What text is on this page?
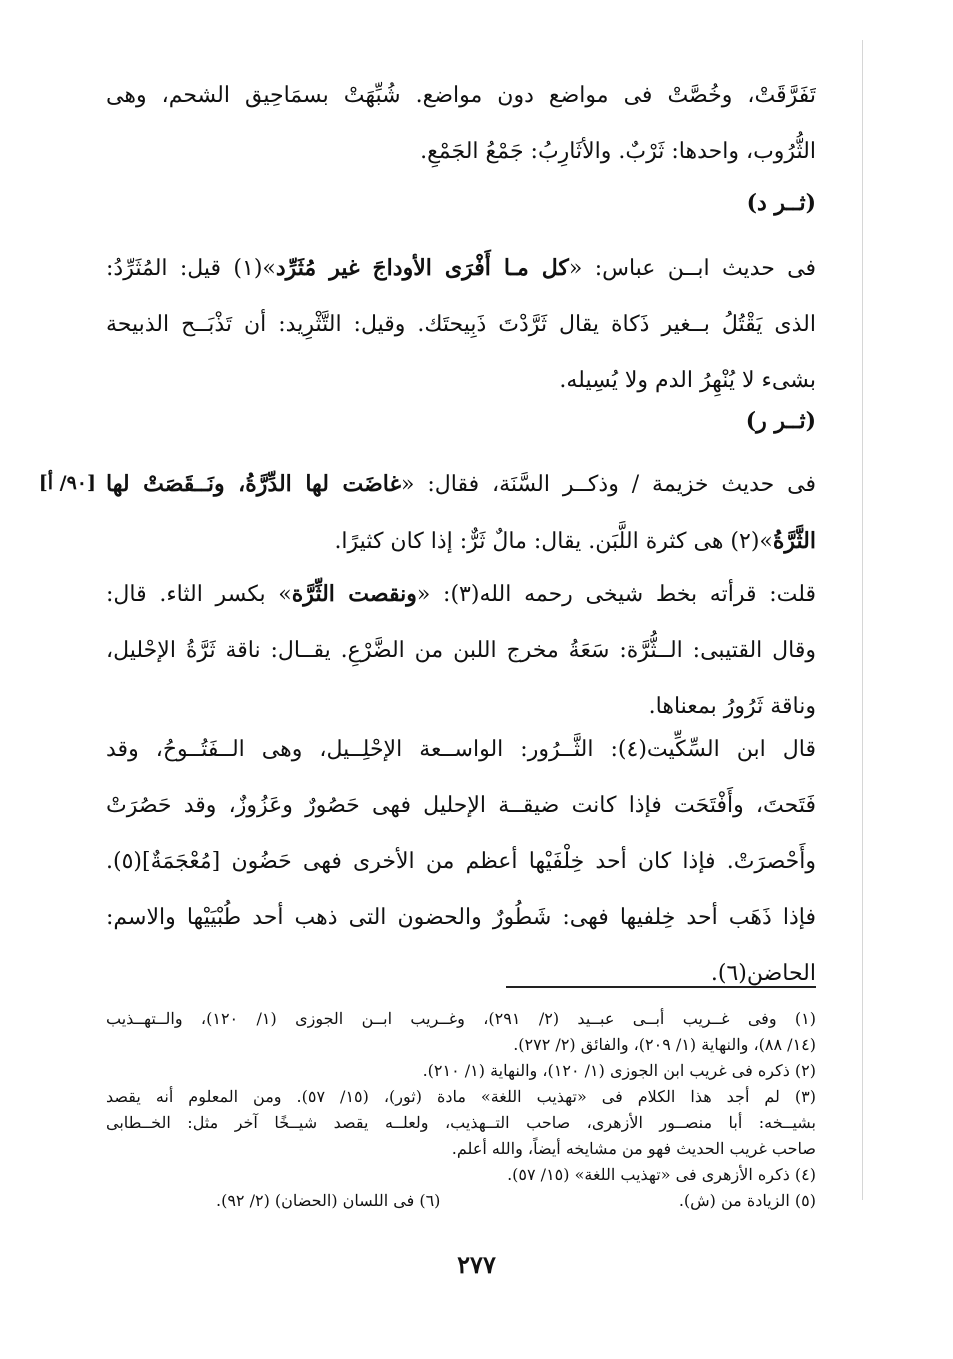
تَفَرَّقَتْ، وخُصَّتْ فى مواضع دون مواضع. شُبِّهَتْ بسمَاحِيق الشحم، وهى
الثُّرُوب، واحدها: ثَرْبٌ. والأثَارِبُ: جَمْعُ الجَمْعِ.
(ثــر د)
فى حديث ابــن عباس: «كل مـا أَفْرَى الأوداجَ غير مُثَرِّد»(١) قيل: المُثَرِّدُ:
الذى يَقْتُلُ بــغير ذَكاة يقال ثَرَّدْتَ ذَبِيحتَك. وقيل: التَّثْرِيد: أن تَذْبَــح الذبيحة
بشىء لا يُنْهِرُ الدم ولا يُسِيله.
(ثــر ر)
[٩٠/ أ]	فى حديث خزيمة / وذكــر السَّنَة، فقال: «غاضَت لها الدِّرَّةُ، ونَــقَصَتْ لها
الثَّرَّةُ»(٢) هى كثرة اللَّبَن. يقال: مالٌ ثَرٌّ: إذا كان كثيرًا.
قلت: قرأته بخط شيخى رحمه الله(٣): «ونقصت الثِّرَّة» بكسر الثاء. قال:
وقال القتيبى: الــثُّرَّة: سَعَةُ مخرج اللبن من الضَّرْعِ. يقــال: ناقة ثَرَّةُ الإحْليل،
وناقة ثَرُورُ بمعناها.
قال ابن السِّكِّيت(٤): الثَّــرُور: الواســعة الإحْلِــيل، وهى الــفَتُــوحُ، وقد
فَتَحتَ، وأَفْتَحَت فإذا كانت ضيقــة الإحليل فهى حَصُورٌ وعَزُوزٌ، وقد حَصُرَتْ
وأَحْصرَتْ. فإذا كان أحد خِلْفَيْها أعظم من الأخرى فهى حَضُون [مُعْجَمَةٌ](٥).
فإذا ذَهَب أحد خِلفيها فهى: شَطُورٌ والحضون التى ذهب أحد طُبْيَيْها والاسم:
الحاضن(٦).
(١) وفى غــريب أبــى عبــيد (٢/ ٢٩١)، وغــريب ابــن الجوزى (١/ ١٢٠)، والــتهــذيب
(١٤/ ٨٨)، والنهاية (١/ ٢٠٩)، والفائق (٢/ ٢٧٢).
(٢) ذكره فى غريب ابن الجوزى (١/ ١٢٠)، والنهاية (١/ ٢١٠).
(٣) لم أجد هذا الكلام فى «تهذيب اللغة» مادة (ثور)، (١٥/ ٥٧). ومن المعلوم أنه يقصد
بشيــخه: أبا منصــور الأزهرى، صاحب التــهذيب، ولعلــه يقصد شيــخًا آخر مثل: الخــطابى
صاحب غريب الحديث فهو من مشايخه أيضاً، والله أعلم.
(٤) ذكره الأزهرى فى «تهذيب اللغة» (١٥/ ٥٧).
(٥) الزيادة من (ش).
(٦) فى اللسان (الحضان) (٢/ ٩٢).
٢٧٧
